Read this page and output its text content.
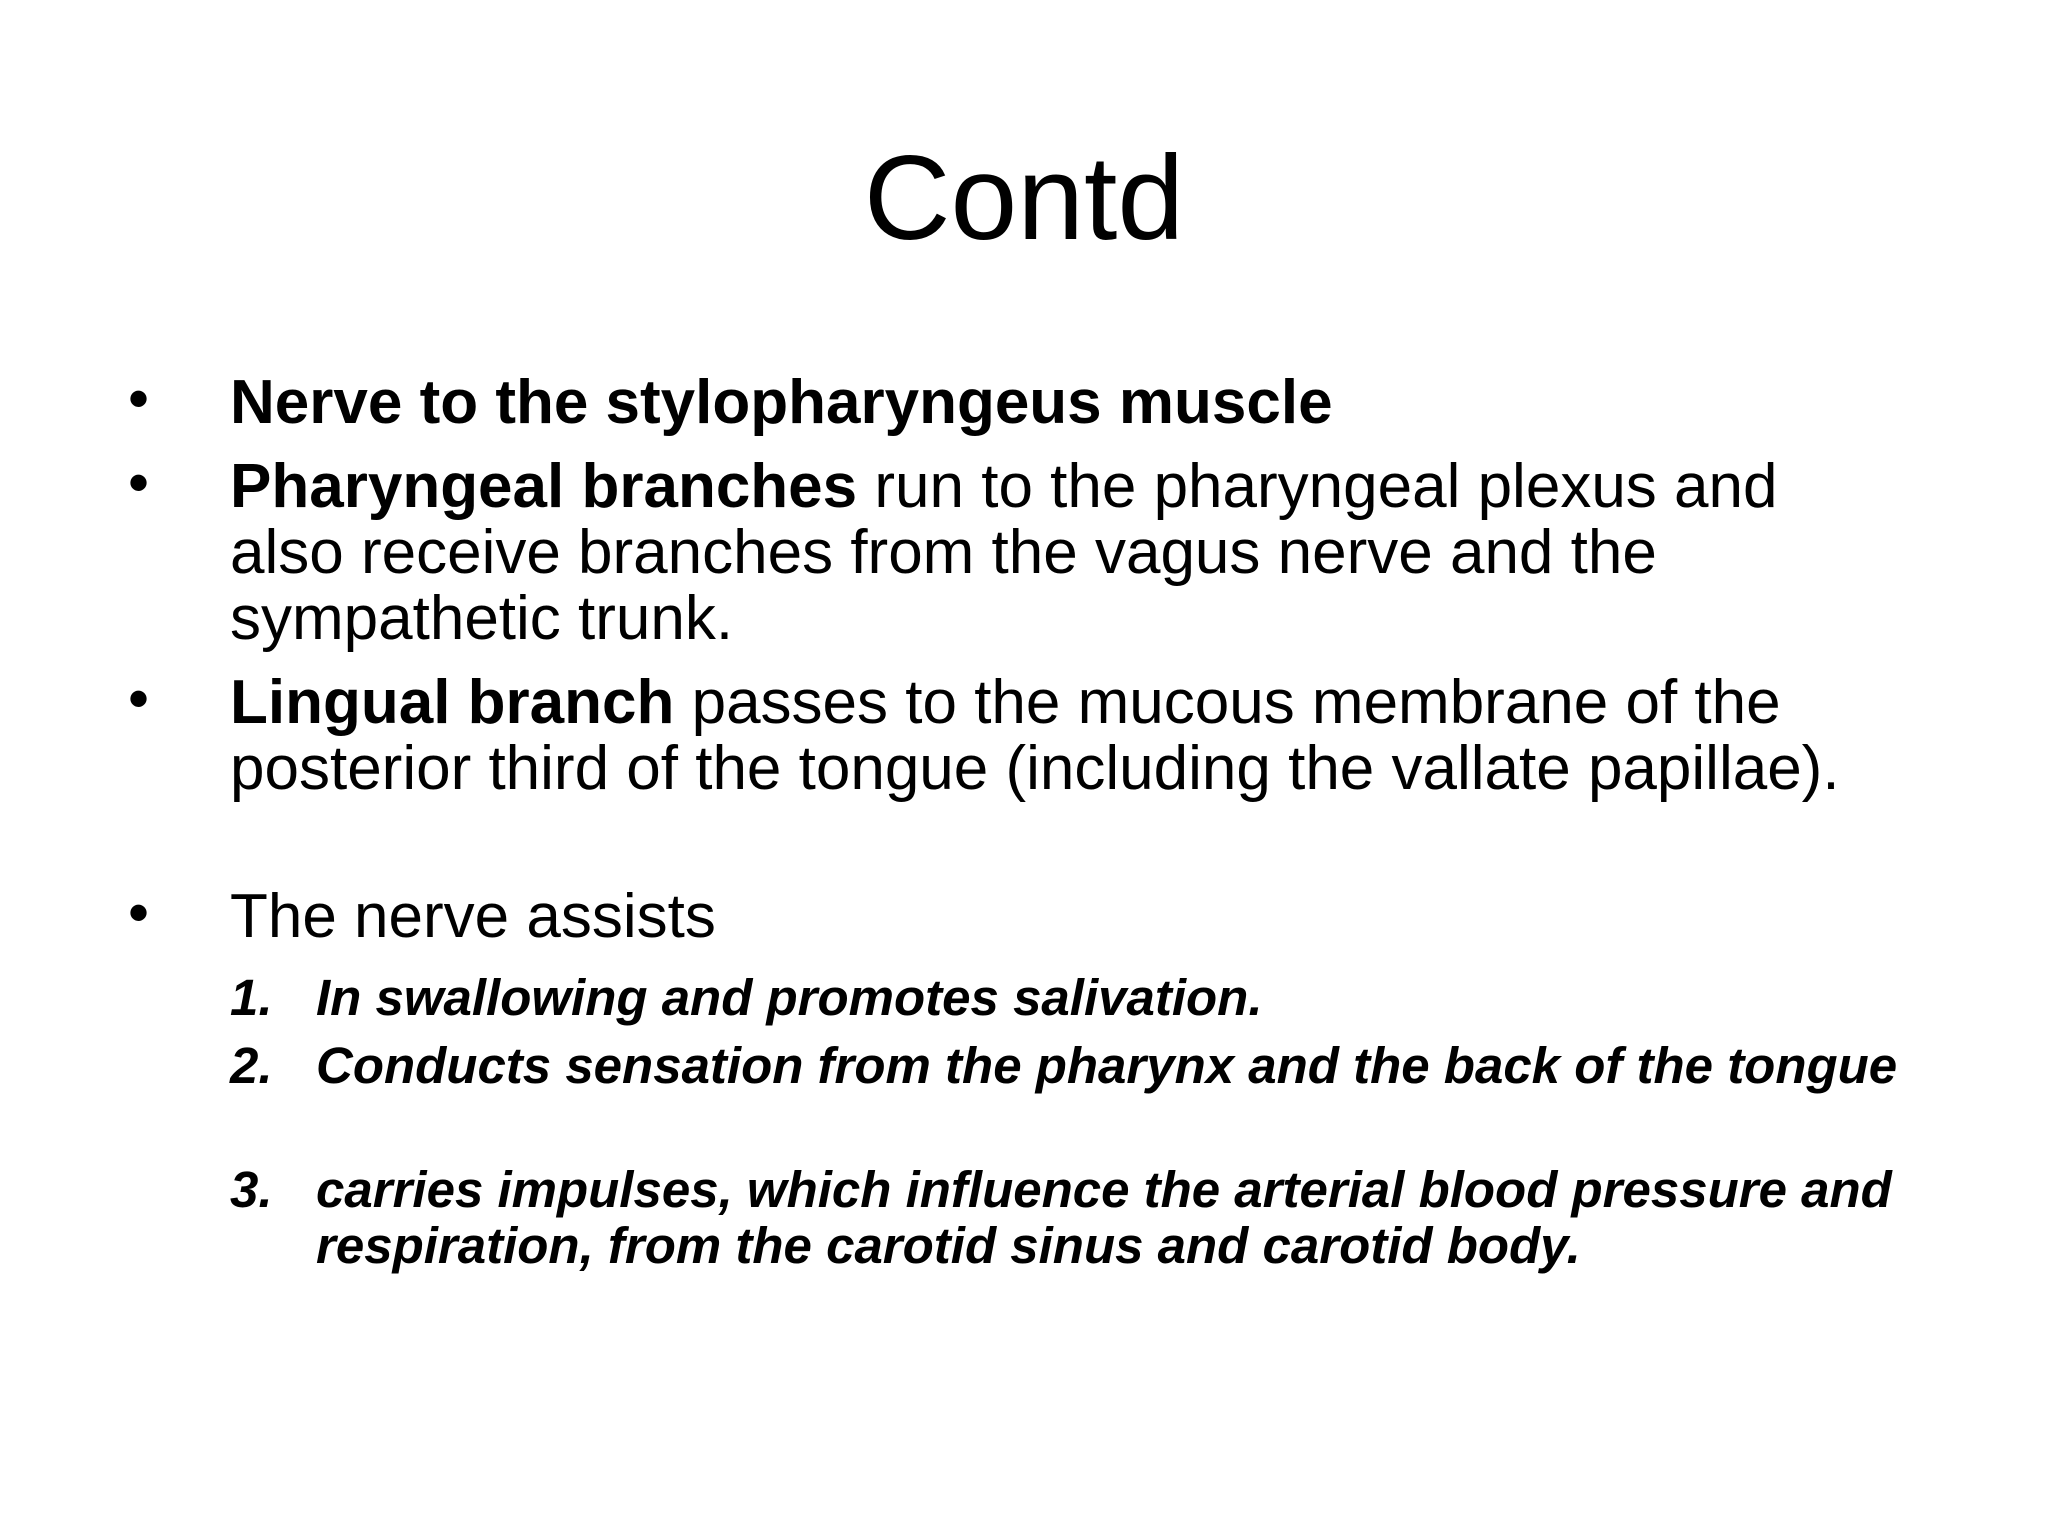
Contd
• Nerve to the stylopharyngeus muscle
• Pharyngeal branches run to the pharyngeal plexus and also receive branches from the vagus nerve and the sympathetic trunk.
• Lingual branch passes to the mucous membrane of the posterior third of the tongue (including the vallate papillae).
• The nerve assists
1. In swallowing and promotes salivation.
2. Conducts sensation from the pharynx and the back of the tongue
3. carries impulses, which influence the arterial blood pressure and respiration, from the carotid sinus and carotid body.
